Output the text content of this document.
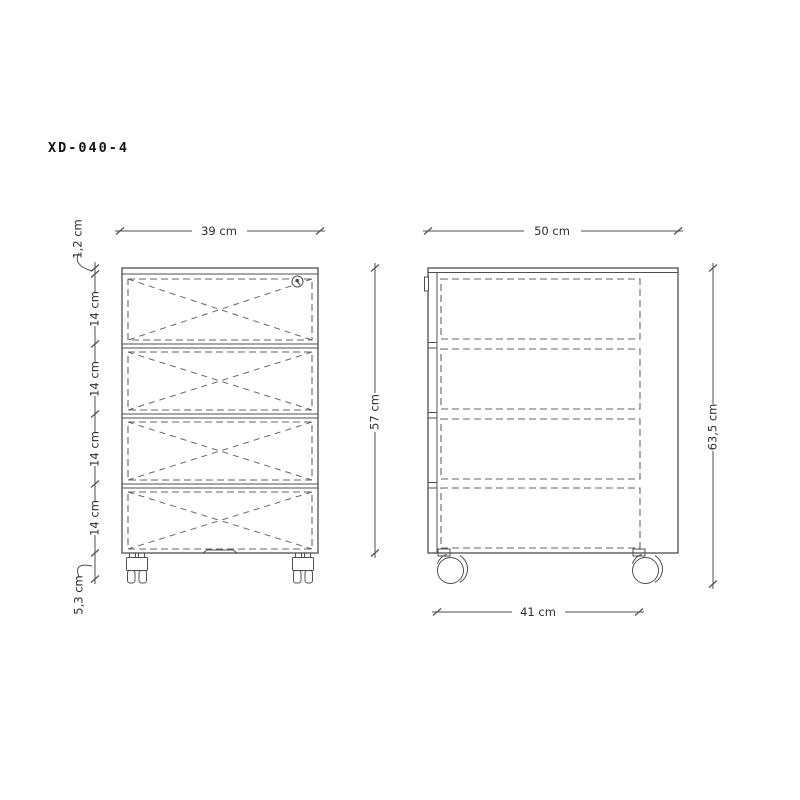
XD-040-4
39 cm
14 cm
14 cm
14 cm
14 cm
1,2 cm
5,3 cm
50 cm
57 cm	63,5 cm
41 cm
